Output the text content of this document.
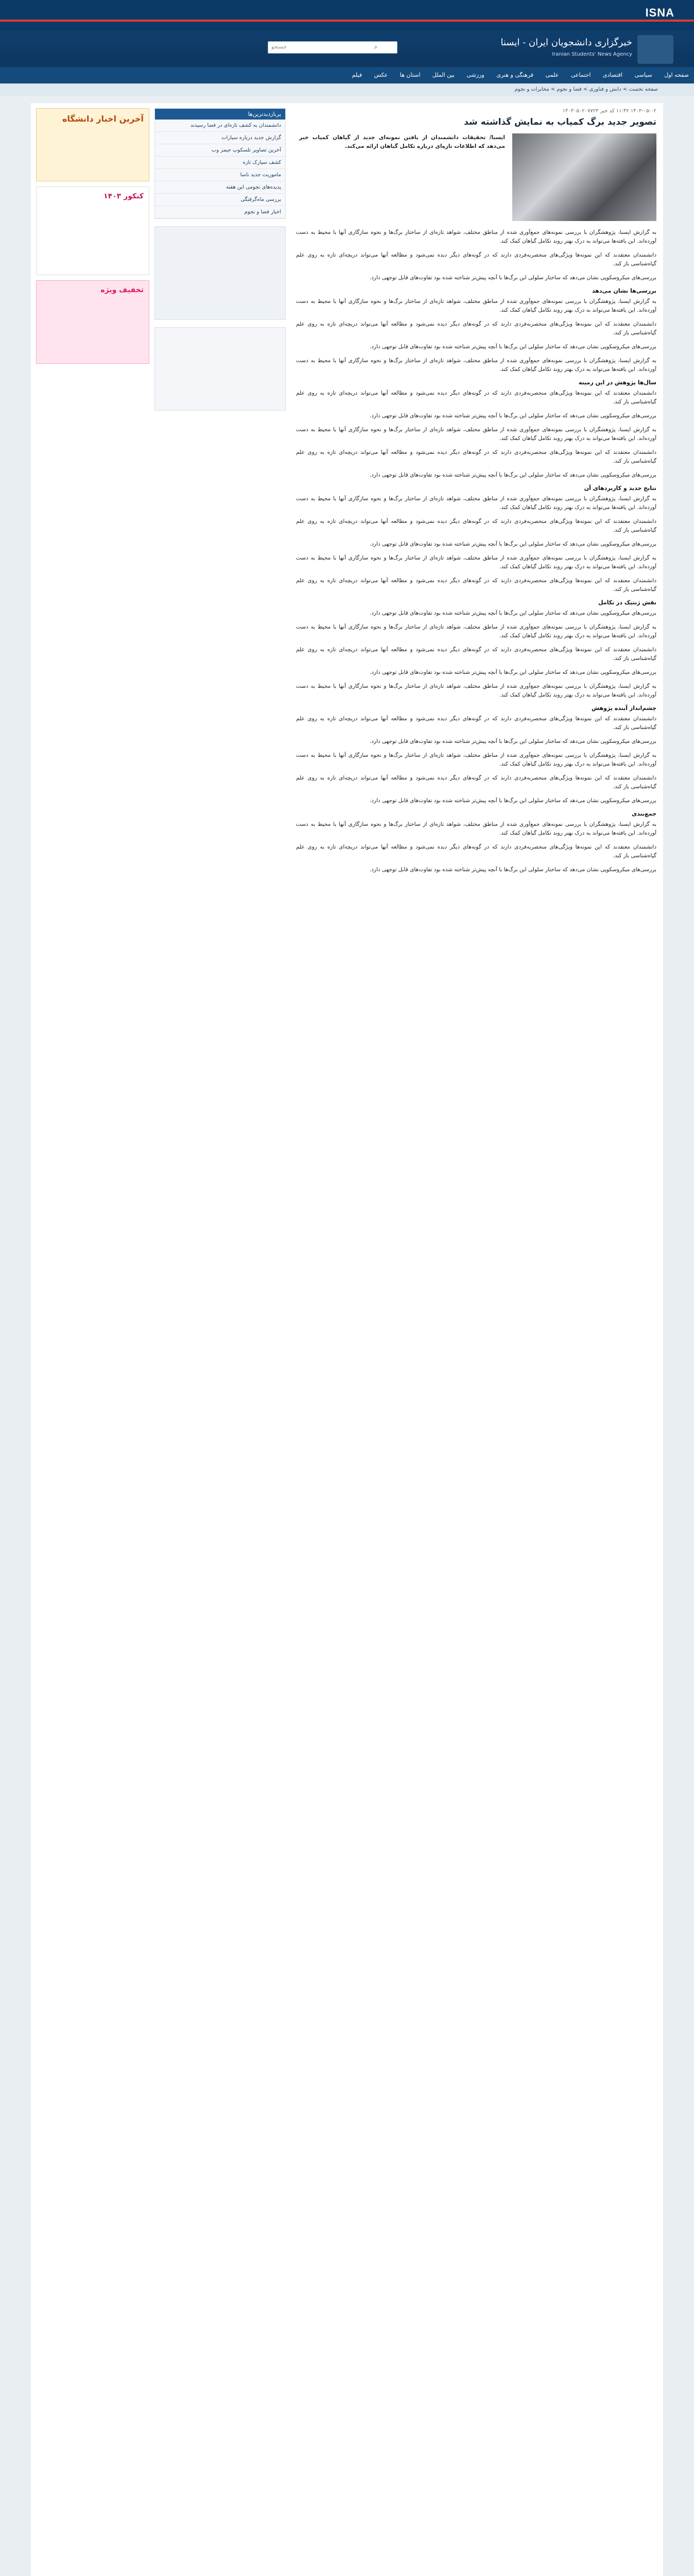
ISNA
خبرگزاری دانشجویان ایران - ایسنا
Iranian Students' News Agency
جستجو	⌕
صفحه اول سیاسی اقتصادی اجتماعی علمی فرهنگی و هنری ورزشی بین الملل استان ها عکس فیلم
صفحه نخست > دانش و فناوری > فضا و نجوم > مخابرات و نجوم
۱۴۰۳-۰۵-۰۲ ۱۱:۴۲ کد خبر ۱۴۰۳۰۵۰۲۰۷۷۲۳
تصویر جدید برگ کمیاب به نمایش گذاشته شد
ایسنا/ تحقیقات دانشمندان از یافتن نمونه‌ای جدید از گیاهان کمیاب خبر می‌دهد که اطلاعات تازه‌ای درباره تکامل گیاهان ارائه می‌کند.

به گزارش ایسنا، پژوهشگران با بررسی نمونه‌های جمع‌آوری شده از مناطق مختلف، شواهد تازه‌ای از ساختار برگ‌ها و نحوه سازگاری آنها با محیط به دست آورده‌اند. این یافته‌ها می‌تواند به درک بهتر روند تکامل گیاهان کمک کند.

دانشمندان معتقدند که این نمونه‌ها ویژگی‌های منحصربه‌فردی دارند که در گونه‌های دیگر دیده نمی‌شود و مطالعه آنها می‌تواند دریچه‌ای تازه به روی علم گیاه‌شناسی باز کند.

بررسی‌های میکروسکوپی نشان می‌دهد که ساختار سلولی این برگ‌ها با آنچه پیش‌تر شناخته شده بود تفاوت‌های قابل توجهی دارد.

بررسی‌ها نشان می‌دهد

به گزارش ایسنا، پژوهشگران با بررسی نمونه‌های جمع‌آوری شده از مناطق مختلف، شواهد تازه‌ای از ساختار برگ‌ها و نحوه سازگاری آنها با محیط به دست آورده‌اند. این یافته‌ها می‌تواند به درک بهتر روند تکامل گیاهان کمک کند.

دانشمندان معتقدند که این نمونه‌ها ویژگی‌های منحصربه‌فردی دارند که در گونه‌های دیگر دیده نمی‌شود و مطالعه آنها می‌تواند دریچه‌ای تازه به روی علم گیاه‌شناسی باز کند.

بررسی‌های میکروسکوپی نشان می‌دهد که ساختار سلولی این برگ‌ها با آنچه پیش‌تر شناخته شده بود تفاوت‌های قابل توجهی دارد.

به گزارش ایسنا، پژوهشگران با بررسی نمونه‌های جمع‌آوری شده از مناطق مختلف، شواهد تازه‌ای از ساختار برگ‌ها و نحوه سازگاری آنها با محیط به دست آورده‌اند. این یافته‌ها می‌تواند به درک بهتر روند تکامل گیاهان کمک کند.

سال‌ها پژوهش در این زمینه

دانشمندان معتقدند که این نمونه‌ها ویژگی‌های منحصربه‌فردی دارند که در گونه‌های دیگر دیده نمی‌شود و مطالعه آنها می‌تواند دریچه‌ای تازه به روی علم گیاه‌شناسی باز کند.

بررسی‌های میکروسکوپی نشان می‌دهد که ساختار سلولی این برگ‌ها با آنچه پیش‌تر شناخته شده بود تفاوت‌های قابل توجهی دارد.

به گزارش ایسنا، پژوهشگران با بررسی نمونه‌های جمع‌آوری شده از مناطق مختلف، شواهد تازه‌ای از ساختار برگ‌ها و نحوه سازگاری آنها با محیط به دست آورده‌اند. این یافته‌ها می‌تواند به درک بهتر روند تکامل گیاهان کمک کند.

دانشمندان معتقدند که این نمونه‌ها ویژگی‌های منحصربه‌فردی دارند که در گونه‌های دیگر دیده نمی‌شود و مطالعه آنها می‌تواند دریچه‌ای تازه به روی علم گیاه‌شناسی باز کند.

بررسی‌های میکروسکوپی نشان می‌دهد که ساختار سلولی این برگ‌ها با آنچه پیش‌تر شناخته شده بود تفاوت‌های قابل توجهی دارد.

نتایج جدید و کاربردهای آن

به گزارش ایسنا، پژوهشگران با بررسی نمونه‌های جمع‌آوری شده از مناطق مختلف، شواهد تازه‌ای از ساختار برگ‌ها و نحوه سازگاری آنها با محیط به دست آورده‌اند. این یافته‌ها می‌تواند به درک بهتر روند تکامل گیاهان کمک کند.

دانشمندان معتقدند که این نمونه‌ها ویژگی‌های منحصربه‌فردی دارند که در گونه‌های دیگر دیده نمی‌شود و مطالعه آنها می‌تواند دریچه‌ای تازه به روی علم گیاه‌شناسی باز کند.

بررسی‌های میکروسکوپی نشان می‌دهد که ساختار سلولی این برگ‌ها با آنچه پیش‌تر شناخته شده بود تفاوت‌های قابل توجهی دارد.

به گزارش ایسنا، پژوهشگران با بررسی نمونه‌های جمع‌آوری شده از مناطق مختلف، شواهد تازه‌ای از ساختار برگ‌ها و نحوه سازگاری آنها با محیط به دست آورده‌اند. این یافته‌ها می‌تواند به درک بهتر روند تکامل گیاهان کمک کند.

دانشمندان معتقدند که این نمونه‌ها ویژگی‌های منحصربه‌فردی دارند که در گونه‌های دیگر دیده نمی‌شود و مطالعه آنها می‌تواند دریچه‌ای تازه به روی علم گیاه‌شناسی باز کند.

نقش ژنتیک در تکامل

بررسی‌های میکروسکوپی نشان می‌دهد که ساختار سلولی این برگ‌ها با آنچه پیش‌تر شناخته شده بود تفاوت‌های قابل توجهی دارد.

به گزارش ایسنا، پژوهشگران با بررسی نمونه‌های جمع‌آوری شده از مناطق مختلف، شواهد تازه‌ای از ساختار برگ‌ها و نحوه سازگاری آنها با محیط به دست آورده‌اند. این یافته‌ها می‌تواند به درک بهتر روند تکامل گیاهان کمک کند.

دانشمندان معتقدند که این نمونه‌ها ویژگی‌های منحصربه‌فردی دارند که در گونه‌های دیگر دیده نمی‌شود و مطالعه آنها می‌تواند دریچه‌ای تازه به روی علم گیاه‌شناسی باز کند.

بررسی‌های میکروسکوپی نشان می‌دهد که ساختار سلولی این برگ‌ها با آنچه پیش‌تر شناخته شده بود تفاوت‌های قابل توجهی دارد.

به گزارش ایسنا، پژوهشگران با بررسی نمونه‌های جمع‌آوری شده از مناطق مختلف، شواهد تازه‌ای از ساختار برگ‌ها و نحوه سازگاری آنها با محیط به دست آورده‌اند. این یافته‌ها می‌تواند به درک بهتر روند تکامل گیاهان کمک کند.

چشم‌انداز آینده پژوهش

دانشمندان معتقدند که این نمونه‌ها ویژگی‌های منحصربه‌فردی دارند که در گونه‌های دیگر دیده نمی‌شود و مطالعه آنها می‌تواند دریچه‌ای تازه به روی علم گیاه‌شناسی باز کند.

بررسی‌های میکروسکوپی نشان می‌دهد که ساختار سلولی این برگ‌ها با آنچه پیش‌تر شناخته شده بود تفاوت‌های قابل توجهی دارد.

به گزارش ایسنا، پژوهشگران با بررسی نمونه‌های جمع‌آوری شده از مناطق مختلف، شواهد تازه‌ای از ساختار برگ‌ها و نحوه سازگاری آنها با محیط به دست آورده‌اند. این یافته‌ها می‌تواند به درک بهتر روند تکامل گیاهان کمک کند.

دانشمندان معتقدند که این نمونه‌ها ویژگی‌های منحصربه‌فردی دارند که در گونه‌های دیگر دیده نمی‌شود و مطالعه آنها می‌تواند دریچه‌ای تازه به روی علم گیاه‌شناسی باز کند.

بررسی‌های میکروسکوپی نشان می‌دهد که ساختار سلولی این برگ‌ها با آنچه پیش‌تر شناخته شده بود تفاوت‌های قابل توجهی دارد.

جمع‌بندی

به گزارش ایسنا، پژوهشگران با بررسی نمونه‌های جمع‌آوری شده از مناطق مختلف، شواهد تازه‌ای از ساختار برگ‌ها و نحوه سازگاری آنها با محیط به دست آورده‌اند. این یافته‌ها می‌تواند به درک بهتر روند تکامل گیاهان کمک کند.

دانشمندان معتقدند که این نمونه‌ها ویژگی‌های منحصربه‌فردی دارند که در گونه‌های دیگر دیده نمی‌شود و مطالعه آنها می‌تواند دریچه‌ای تازه به روی علم گیاه‌شناسی باز کند.

بررسی‌های میکروسکوپی نشان می‌دهد که ساختار سلولی این برگ‌ها با آنچه پیش‌تر شناخته شده بود تفاوت‌های قابل توجهی دارد.

پربازدیدترین‌ها
دانشمندان به کشف تازه‌ای در فضا رسیدند
گزارش جدید درباره سیارات
آخرین تصاویر تلسکوپ جیمز وب
کشف سیارک تازه
ماموریت جدید ناسا
پدیده‌های نجومی این هفته
بررسی ماه‌گرفتگی
اخبار فضا و نجوم
آخرین اخبار دانشگاه
کنکور ۱۴۰۳
تخفیف ویژه
